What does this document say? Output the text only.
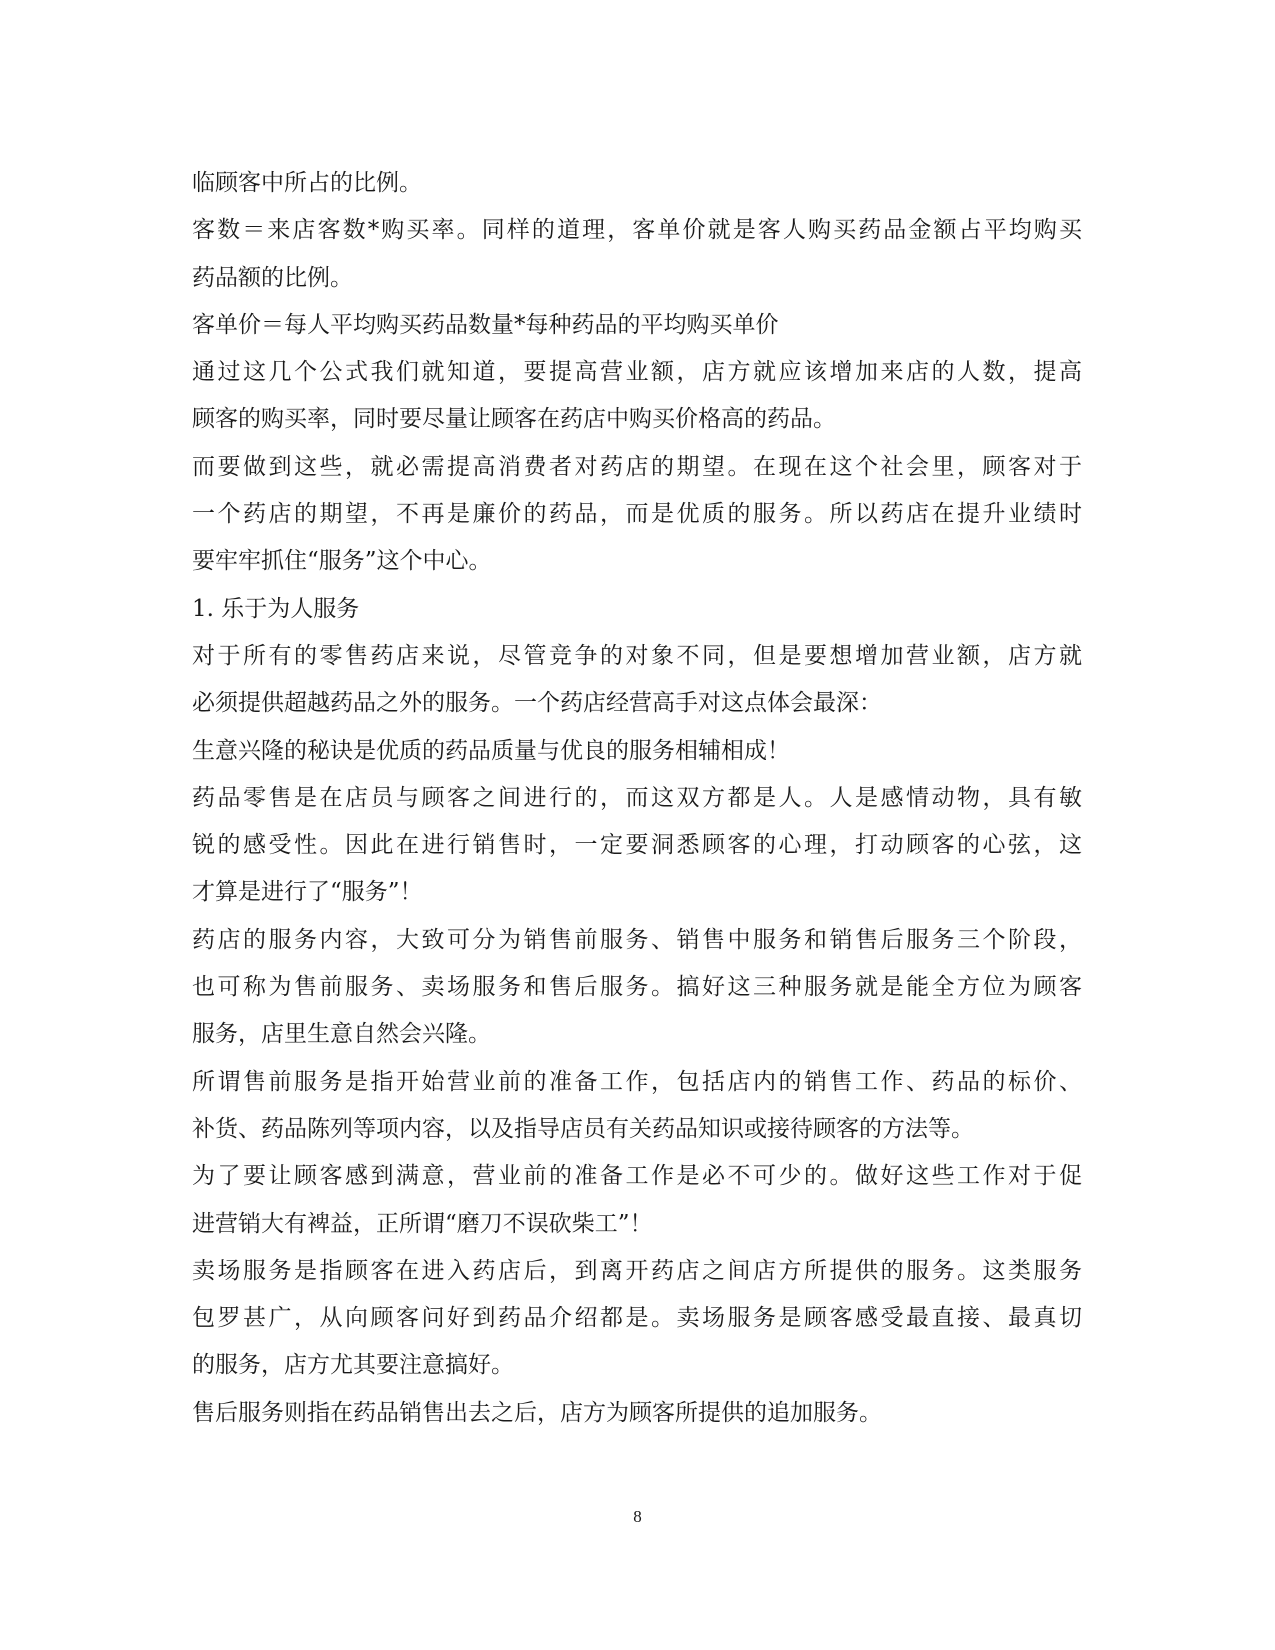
临顾客中所占的比例。
客数＝来店客数*购买率。同样的道理，客单价就是客人购买药品金额占平均购买
药品额的比例。
客单价＝每人平均购买药品数量*每种药品的平均购买单价
通过这几个公式我们就知道，要提高营业额，店方就应该增加来店的人数，提高
顾客的购买率，同时要尽量让顾客在药店中购买价格高的药品。
而要做到这些，就必需提高消费者对药店的期望。在现在这个社会里，顾客对于
一个药店的期望，不再是廉价的药品，而是优质的服务。所以药店在提升业绩时
要牢牢抓住“服务”这个中心。
1. 乐于为人服务
对于所有的零售药店来说，尽管竞争的对象不同，但是要想增加营业额，店方就
必须提供超越药品之外的服务。一个药店经营高手对这点体会最深：
生意兴隆的秘诀是优质的药品质量与优良的服务相辅相成！
药品零售是在店员与顾客之间进行的，而这双方都是人。人是感情动物，具有敏
锐的感受性。因此在进行销售时，一定要洞悉顾客的心理，打动顾客的心弦，这
才算是进行了“服务”！
药店的服务内容，大致可分为销售前服务、销售中服务和销售后服务三个阶段，
也可称为售前服务、卖场服务和售后服务。搞好这三种服务就是能全方位为顾客
服务，店里生意自然会兴隆。
所谓售前服务是指开始营业前的准备工作，包括店内的销售工作、药品的标价、
补货、药品陈列等项内容，以及指导店员有关药品知识或接待顾客的方法等。
为了要让顾客感到满意，营业前的准备工作是必不可少的。做好这些工作对于促
进营销大有裨益，正所谓“磨刀不误砍柴工”！
卖场服务是指顾客在进入药店后，到离开药店之间店方所提供的服务。这类服务
包罗甚广，从向顾客问好到药品介绍都是。卖场服务是顾客感受最直接、最真切
的服务，店方尤其要注意搞好。
售后服务则指在药品销售出去之后，店方为顾客所提供的追加服务。
8
